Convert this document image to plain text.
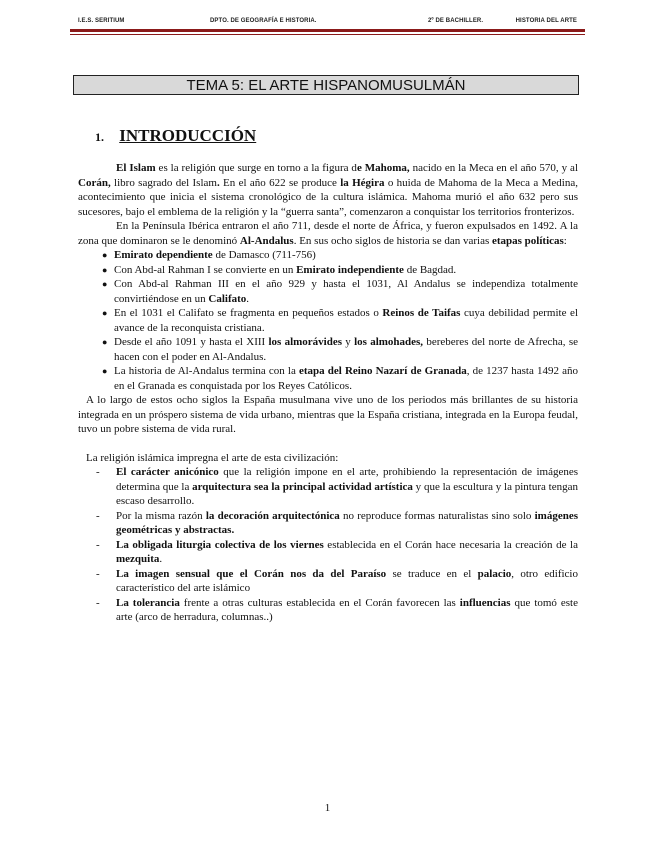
I.E.S. SERITIUM	DPTO. DE GEOGRAFÍA E HISTORIA.	2º DE BACHILLER.	HISTORIA DEL ARTE
TEMA 5: EL ARTE HISPANOMUSULMÁN
1. INTRODUCCIÓN

El Islam es la religión que surge en torno a la figura de Mahoma, nacido en la Meca en el año 570, y al Corán, libro sagrado del Islam. En el año 622 se produce la Hégira o huida de Mahoma de la Meca a Medina, acontecimiento que inicia el sistema cronológico de la cultura islámica. Mahoma murió el año 632 pero sus sucesores, bajo el emblema de la religión y la “guerra santa”, comenzaron a conquistar los territorios fronterizos.

En la Península Ibérica entraron el año 711, desde el norte de África, y fueron expulsados en 1492. A la zona que dominaron se le denominó Al-Andalus. En sus ocho siglos de historia se dan varias etapas políticas:

● Emirato dependiente de Damasco (711-756)
● Con Abd-al Rahman I se convierte en un Emirato independiente de Bagdad.
● Con Abd-al Rahman III en el año 929 y hasta el 1031, Al Andalus se independiza totalmente convirtiéndose en un Califato.
● En el 1031 el Califato se fragmenta en pequeños estados o Reinos de Taifas cuya debilidad permite el avance de la reconquista cristiana.
● Desde el año 1091 y hasta el XIII los almorávides y los almohades, bereberes del norte de Afrecha, se hacen con el poder en Al-Andalus.
● La historia de Al-Andalus termina con la etapa del Reino Nazarí de Granada, de 1237 hasta 1492 año en el Granada es conquistada por los Reyes Católicos.

A lo largo de estos ocho siglos la España musulmana vive uno de los periodos más brillantes de su historia integrada en un próspero sistema de vida urbano, mientras que la España cristiana, integrada en la Europa feudal, tuvo un pobre sistema de vida rural.

La religión islámica impregna el arte de esta civilización:

- El carácter anicónico que la religión impone en el arte, prohibiendo la representación de imágenes determina que la arquitectura sea la principal actividad artística y que la escultura y la pintura tengan escaso desarrollo.
- Por la misma razón la decoración arquitectónica no reproduce formas naturalistas sino solo imágenes geométricas y abstractas.
- La obligada liturgia colectiva de los viernes establecida en el Corán hace necesaria la creación de la mezquita.
- La imagen sensual que el Corán nos da del Paraíso se traduce en el palacio, otro edificio característico del arte islámico
- La tolerancia frente a otras culturas establecida en el Corán favorecen las influencias que tomó este arte (arco de herradura, columnas..)
1
